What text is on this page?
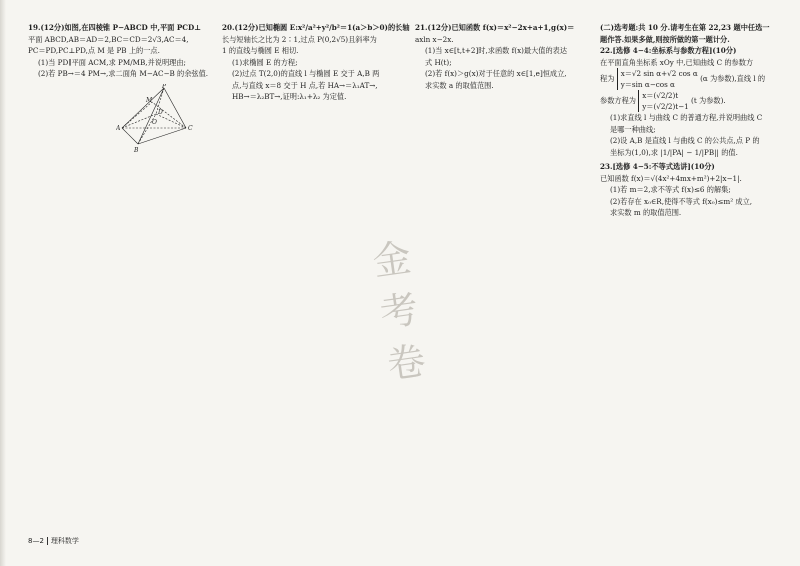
19.(12分)如图,在四棱锥 P−ABCD 中,平面 PCD⊥

平面 ABCD,AB＝AD＝2,BC＝CD＝2√3,AC＝4,

PC＝PD,PC⊥PD,点 M 是 PB 上的一点.

(1)当 PD∥平面 ACM,求 PM/MB,并说明理由;

(2)若 PB→＝4 PM→,求二面角 M−AC−B 的余弦值.

P
M
A
O
D
C
B

20.(12分)已知椭圆 E:x²/a²+y²/b²＝1(a＞b＞0)的长轴

长与短轴长之比为 2∶1,过点 P(0,2√5)且斜率为

1 的直线与椭圆 E 相切.

(1)求椭圆 E 的方程;

(2)过点 T(2,0)的直线 l 与椭圆 E 交于 A,B 两

点,与直线 x＝8 交于 H 点,若 HA→＝λ₁AT→,

HB→＝λ₂BT→,证明:λ₁+λ₂ 为定值.

21.(12分)已知函数 f(x)＝x²−2x+a+1,g(x)＝

axln x−2x.

(1)当 x∈[t,t+2]时,求函数 f(x)最大值的表达

式 H(t);

(2)若 f(x)＞g(x)对于任意的 x∈[1,e]恒成立,

求实数 a 的取值范围.

(二)选考题:共 10 分.请考生在第 22,23 题中任选一

题作答.如果多做,则按所做的第一题计分.

22.[选修 4−4:坐标系与参数方程](10分)

在平面直角坐标系 xOy 中,已知曲线 C 的参数方

程为 x＝√2 sin α+√2 cos α
y＝sin α−cos α (α 为参数),直线 l 的

参数方程为 x＝(√2/2)t
y＝(√2/2)t−1 (t 为参数).

(1)求直线 l 与曲线 C 的普通方程,并说明曲线 C

是哪一种曲线;

(2)设 A,B 是直线 l 与曲线 C 的公共点,点 P 的

坐标为(1,0),求 |1/|PA| − 1/|PB|| 的值.

23.[选修 4−5:不等式选讲](10分)

已知函数 f(x)＝√(4x²+4mx+m²)+2|x−1|.

(1)若 m＝2,求不等式 f(x)≤6 的解集;

(2)若存在 x₀∈R,使得不等式 f(x₀)≤m² 成立,

求实数 m 的取值范围.

金考卷
8—2 理科数学
